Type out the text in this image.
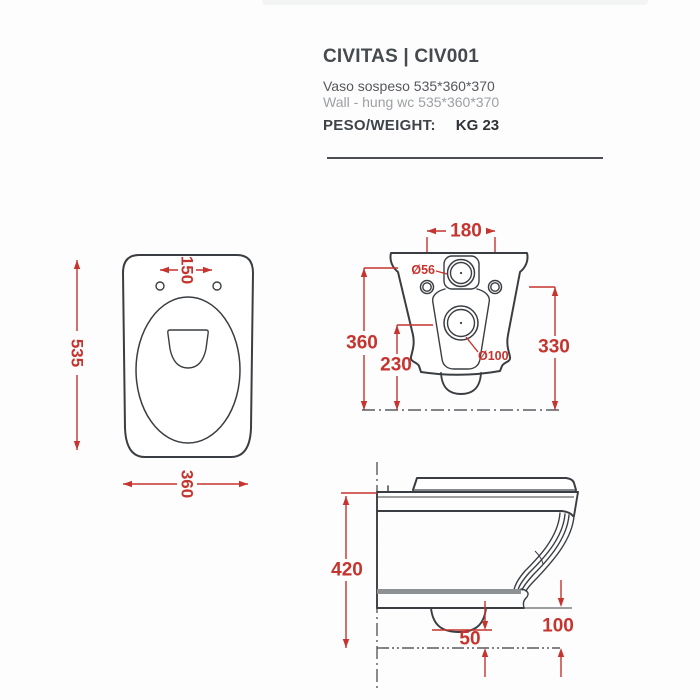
CIVITAS | CIV001
Vaso sospeso 535*360*370
Wall - hung wc 535*360*370
PESO/WEIGHT: KG 23
150
535
360
180
360
230
330
Ø56
Ø100
420
50
100
